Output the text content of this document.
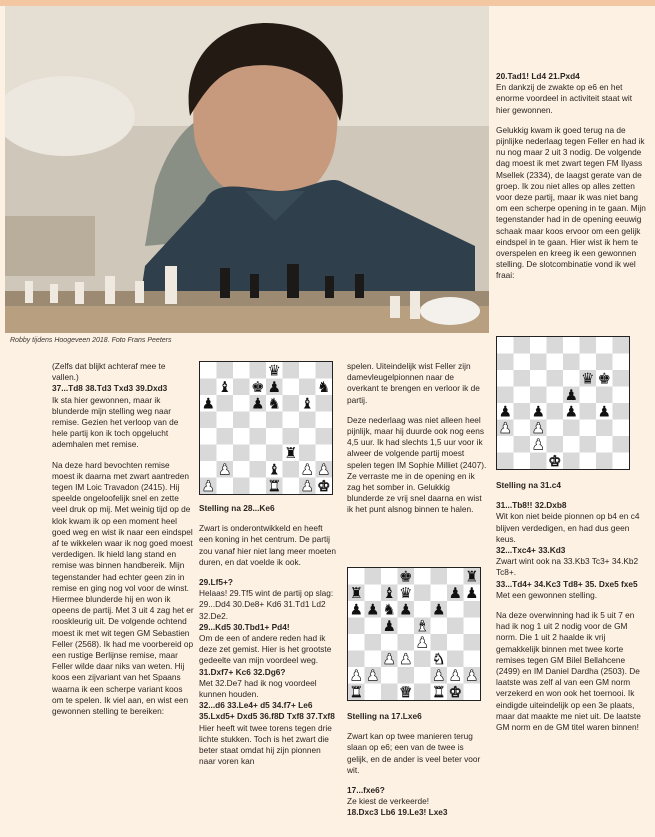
Robby tijdens Hoogeveen 2018. Foto Frans Peeters
20.Tad1! Ld4 21.Pxd4
En dankzij de zwakte op e6 en het enorme voordeel in activiteit staat wit hier gewonnen.
Gelukkig kwam ik goed terug na de pijnlijke nederlaag tegen Feller en had ik nu nog maar 2 uit 3 nodig. De volgende dag moest ik met zwart tegen FM Ilyass Msellek (2334), de laagst gerate van de groep. Ik zou niet alles op alles zetten voor deze partij, maar ik was niet bang om een scherpe opening in te gaan. Mijn tegenstander had in de opening eeuwig schaak maar koos ervoor om een gelijk eindspel in te gaan. Hier wist ik hem te overspelen en kreeg ik een gewonnen stelling. De slotcombinatie vond ik wel fraai:
(Zelfs dat blijkt achteraf mee te vallen.)
37...Td8 38.Td3 Txd3 39.Dxd3
Ik sta hier gewonnen, maar ik blunderde mijn stelling weg naar remise. Gezien het verloop van de hele partij kon ik toch opgelucht ademhalen met remise.
Na deze hard bevochten remise moest ik daarna met zwart aantreden tegen IM Loic Travadon (2415). Hij speelde ongeloofelijk snel en zette veel druk op mij. Met weinig tijd op de klok kwam ik op een moment heel goed weg en wist ik naar een eindspel af te wikkelen waar ik nog goed moest verdedigen. Ik hield lang stand en remise was binnen handbereik. Mijn tegenstander had echter geen zin in remise en ging nog vol voor de winst. Hiermee blunderde hij en won ik opeens de partij. Met 3 uit 4 zag het er rooskleurig uit. De volgende ochtend moest ik met wit tegen GM Sebastien Feller (2568). Ik had me voorbereid op een rustige Berlijnse remise, maar Feller wilde daar niks van weten. Hij koos een zijvariant van het Spaans waarna ik een scherpe variant koos om te spelen. Ik viel aan, en wist een gewonnen stelling te bereiken:
Stelling na 28...Ke6
Zwart is onderontwikkeld en heeft een koning in het centrum. De partij zou vanaf hier niet lang meer moeten duren, en dat voelde ik ook.
29.Lf5+?
Helaas! 29.Tf5 wint de partij op slag: 29...Dd4 30.De8+ Kd6 31.Td1 Ld2 32.De2.
29...Kd5 30.Tbd1+ Pd4!
Om de een of andere reden had ik deze zet gemist. Hier is het grootste gedeelte van mijn voordeel weg.
31.Dxf7+ Kc6 32.Dg6?
Met 32.De7 had ik nog voordeel kunnen houden.
32...d6 33.Le4+ d5 34.f7+ Le6 35.Lxd5+ Dxd5 36.f8D Txf8 37.Txf8
Hier heeft wit twee torens tegen drie lichte stukken. Toch is het zwart die beter staat omdat hij zijn pionnen naar voren kan
spelen. Uiteindelijk wist Feller zijn damevleugelpionnen naar de overkant te brengen en verloor ik de partij.
Deze nederlaag was niet alleen heel pijnlijk, maar hij duurde ook nog eens 4,5 uur. Ik had slechts 1,5 uur voor ik alweer de volgende partij moest spelen tegen IM Sophie Milliet (2407). Ze verraste me in de opening en ik zag het somber in. Gelukkig blunderde ze vrij snel daarna en wist ik het punt alsnog binnen te halen.
Stelling na 17.Lxe6
Zwart kan op twee manieren terug slaan op e6; een van de twee is gelijk, en de ander is veel beter voor wit.
17...fxe6?
Ze kiest de verkeerde!
18.Dxc3 Lb6 19.Le3! Lxe3
Stelling na 31.c4
31...Tb8!! 32.Dxb8
Wit kon niet beide pionnen op b4 en c4 blijven verdedigen, en had dus geen keus.
32...Txc4+ 33.Kd3
Zwart wint ook na 33.Kb3 Tc3+ 34.Kb2 Tc8+.
33...Td4+ 34.Kc3 Td8+ 35. Dxe5 fxe5
Met een gewonnen stelling.
Na deze overwinning had ik 5 uit 7 en had ik nog 1 uit 2 nodig voor de GM norm. Die 1 uit 2 haalde ik vrij gemakkelijk binnen met twee korte remises tegen GM Bilel Bellahcene (2499) en IM Daniel Dardha (2503). De laatste was zelf al van een GM norm verzekerd en won ook het toernooi. Ik eindigde uiteindelijk op een 3e plaats, maar dat maakte me niet uit. De laatste GM norm en de GM titel waren binnen!
